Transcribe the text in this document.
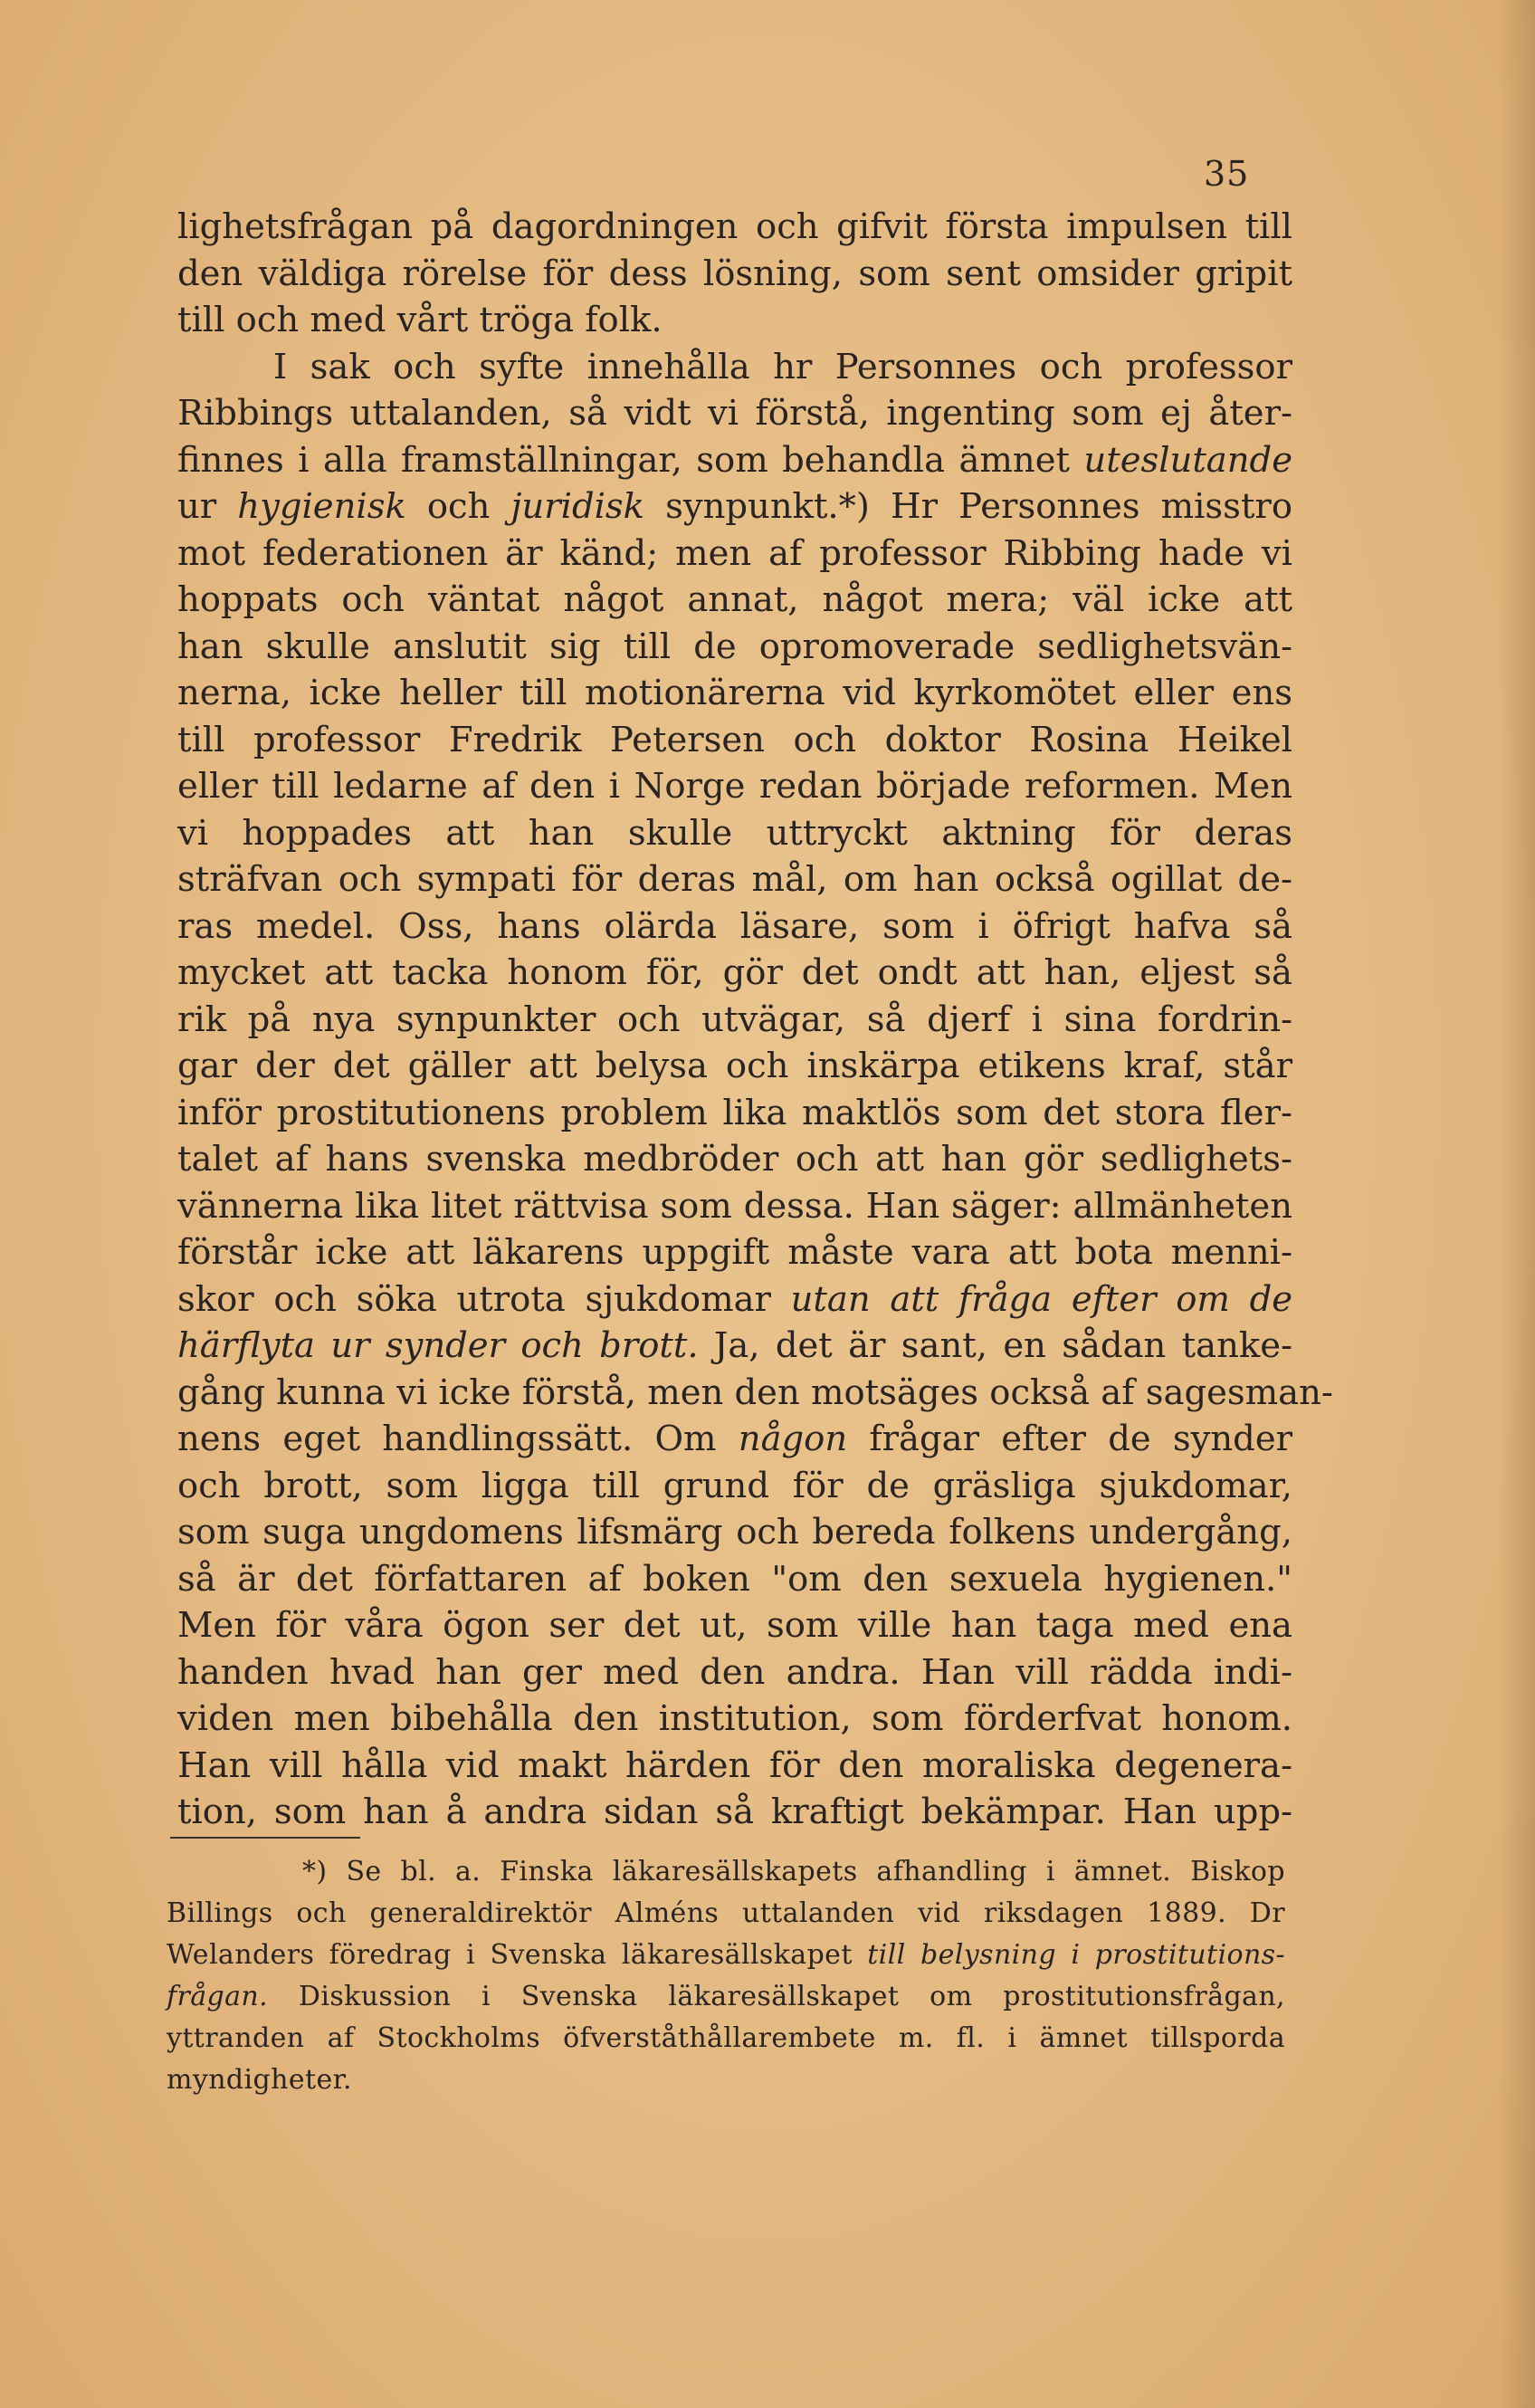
35
lighetsfrågan på dagordningen och gifvit första impulsen till
den väldiga rörelse för dess lösning, som sent omsider gripit
till och med vårt tröga folk.
I sak och syfte innehålla hr Personnes och professor
Ribbings uttalanden, så vidt vi förstå, ingenting som ej åter-
finnes i alla framställningar, som behandla ämnet uteslutande
ur hygienisk och juridisk synpunkt.*) Hr Personnes misstro
mot federationen är känd; men af professor Ribbing hade vi
hoppats och väntat något annat, något mera; väl icke att
han skulle anslutit sig till de opromoverade sedlighetsvän-
nerna, icke heller till motionärerna vid kyrkomötet eller ens
till professor Fredrik Petersen och doktor Rosina Heikel
eller till ledarne af den i Norge redan började reformen. Men
vi hoppades att han skulle uttryckt aktning för deras
sträfvan och sympati för deras mål, om han också ogillat de-
ras medel. Oss, hans olärda läsare, som i öfrigt hafva så
mycket att tacka honom för, gör det ondt att han, eljest så
rik på nya synpunkter och utvägar, så djerf i sina fordrin-
gar der det gäller att belysa och inskärpa etikens kraf, står
inför prostitutionens problem lika maktlös som det stora fler-
talet af hans svenska medbröder och att han gör sedlighets-
vännerna lika litet rättvisa som dessa. Han säger: allmänheten
förstår icke att läkarens uppgift måste vara att bota menni-
skor och söka utrota sjukdomar utan att fråga efter om de
härflyta ur synder och brott. Ja, det är sant, en sådan tanke-
gång kunna vi icke förstå, men den motsäges också af sagesman-
nens eget handlingssätt. Om någon frågar efter de synder
och brott, som ligga till grund för de gräsliga sjukdomar,
som suga ungdomens lifsmärg och bereda folkens undergång,
så är det författaren af boken "om den sexuela hygienen."
Men för våra ögon ser det ut, som ville han taga med ena
handen hvad han ger med den andra. Han vill rädda indi-
viden men bibehålla den institution, som förderfvat honom.
Han vill hålla vid makt härden för den moraliska degenera-
tion, som han å andra sidan så kraftigt bekämpar. Han upp-
*) Se bl. a. Finska läkaresällskapets afhandling i ämnet. Biskop
Billings och generaldirektör Alméns uttalanden vid riksdagen 1889. Dr
Welanders föredrag i Svenska läkaresällskapet till belysning i prostitutions-
frågan. Diskussion i Svenska läkaresällskapet om prostitutionsfrågan,
yttranden af Stockholms öfverståthållarembete m. fl. i ämnet tillsporda
myndigheter.
